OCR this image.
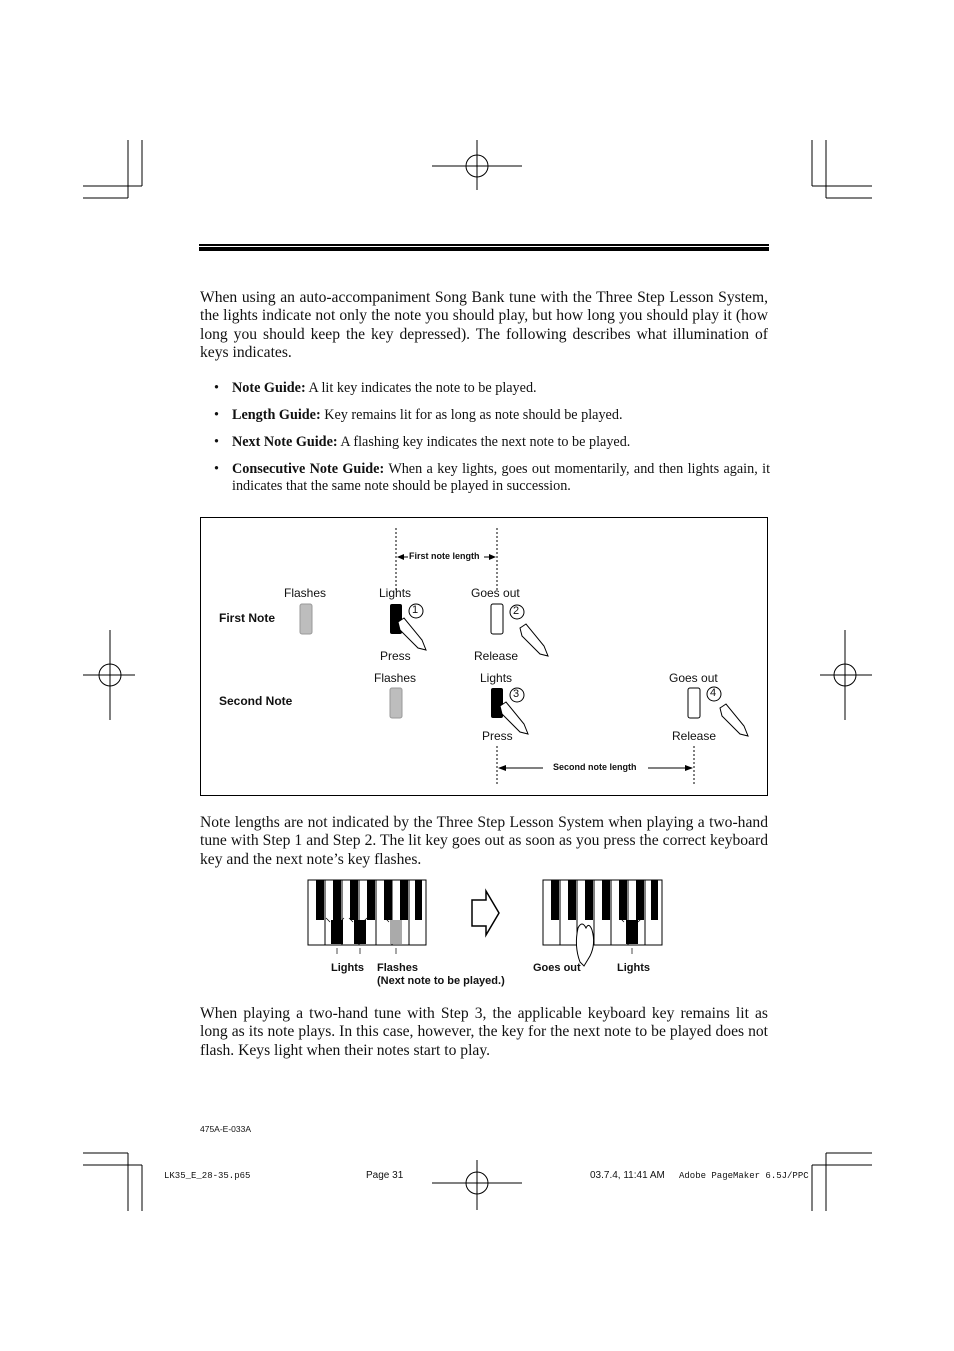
When using an auto-accompaniment Song Bank tune with the Three Step Lesson System, the lights indicate not only the note you should play, but how long you should play it (how long you should keep the key depressed). The following describes what illumination of keys indicates.
• Note Guide: A lit key indicates the note to be played.
• Length Guide: Key remains lit for as long as note should be played.
• Next Note Guide: A flashing key indicates the next note to be played.
• Consecutive Note Guide: When a key lights, goes out momentarily, and then lights again, it indicates that the same note should be played in succession.
First note length
Second note length
First Note
Second Note
Flashes	Lights	Goes out
Press	Release
Flashes	Lights	Goes out
Press	Release
1	2
3	4
Note lengths are not indicated by the Three Step Lesson System when playing a two-hand tune with Step 1 and Step 2. The lit key goes out as soon as you press the correct keyboard key and the next note’s key flashes.
Lights Flashes
(Next note to be played.)
Goes out	Lights
When playing a two-hand tune with Step 3, the applicable keyboard key remains lit as long as its note plays. In this case, however, the key for the next note to be played does not flash. Keys light when their notes start to play.
475A-E-033A
LK35_E_28-35.p65	Page 31	03.7.4, 11:41 AM Adobe PageMaker 6.5J/PPC
